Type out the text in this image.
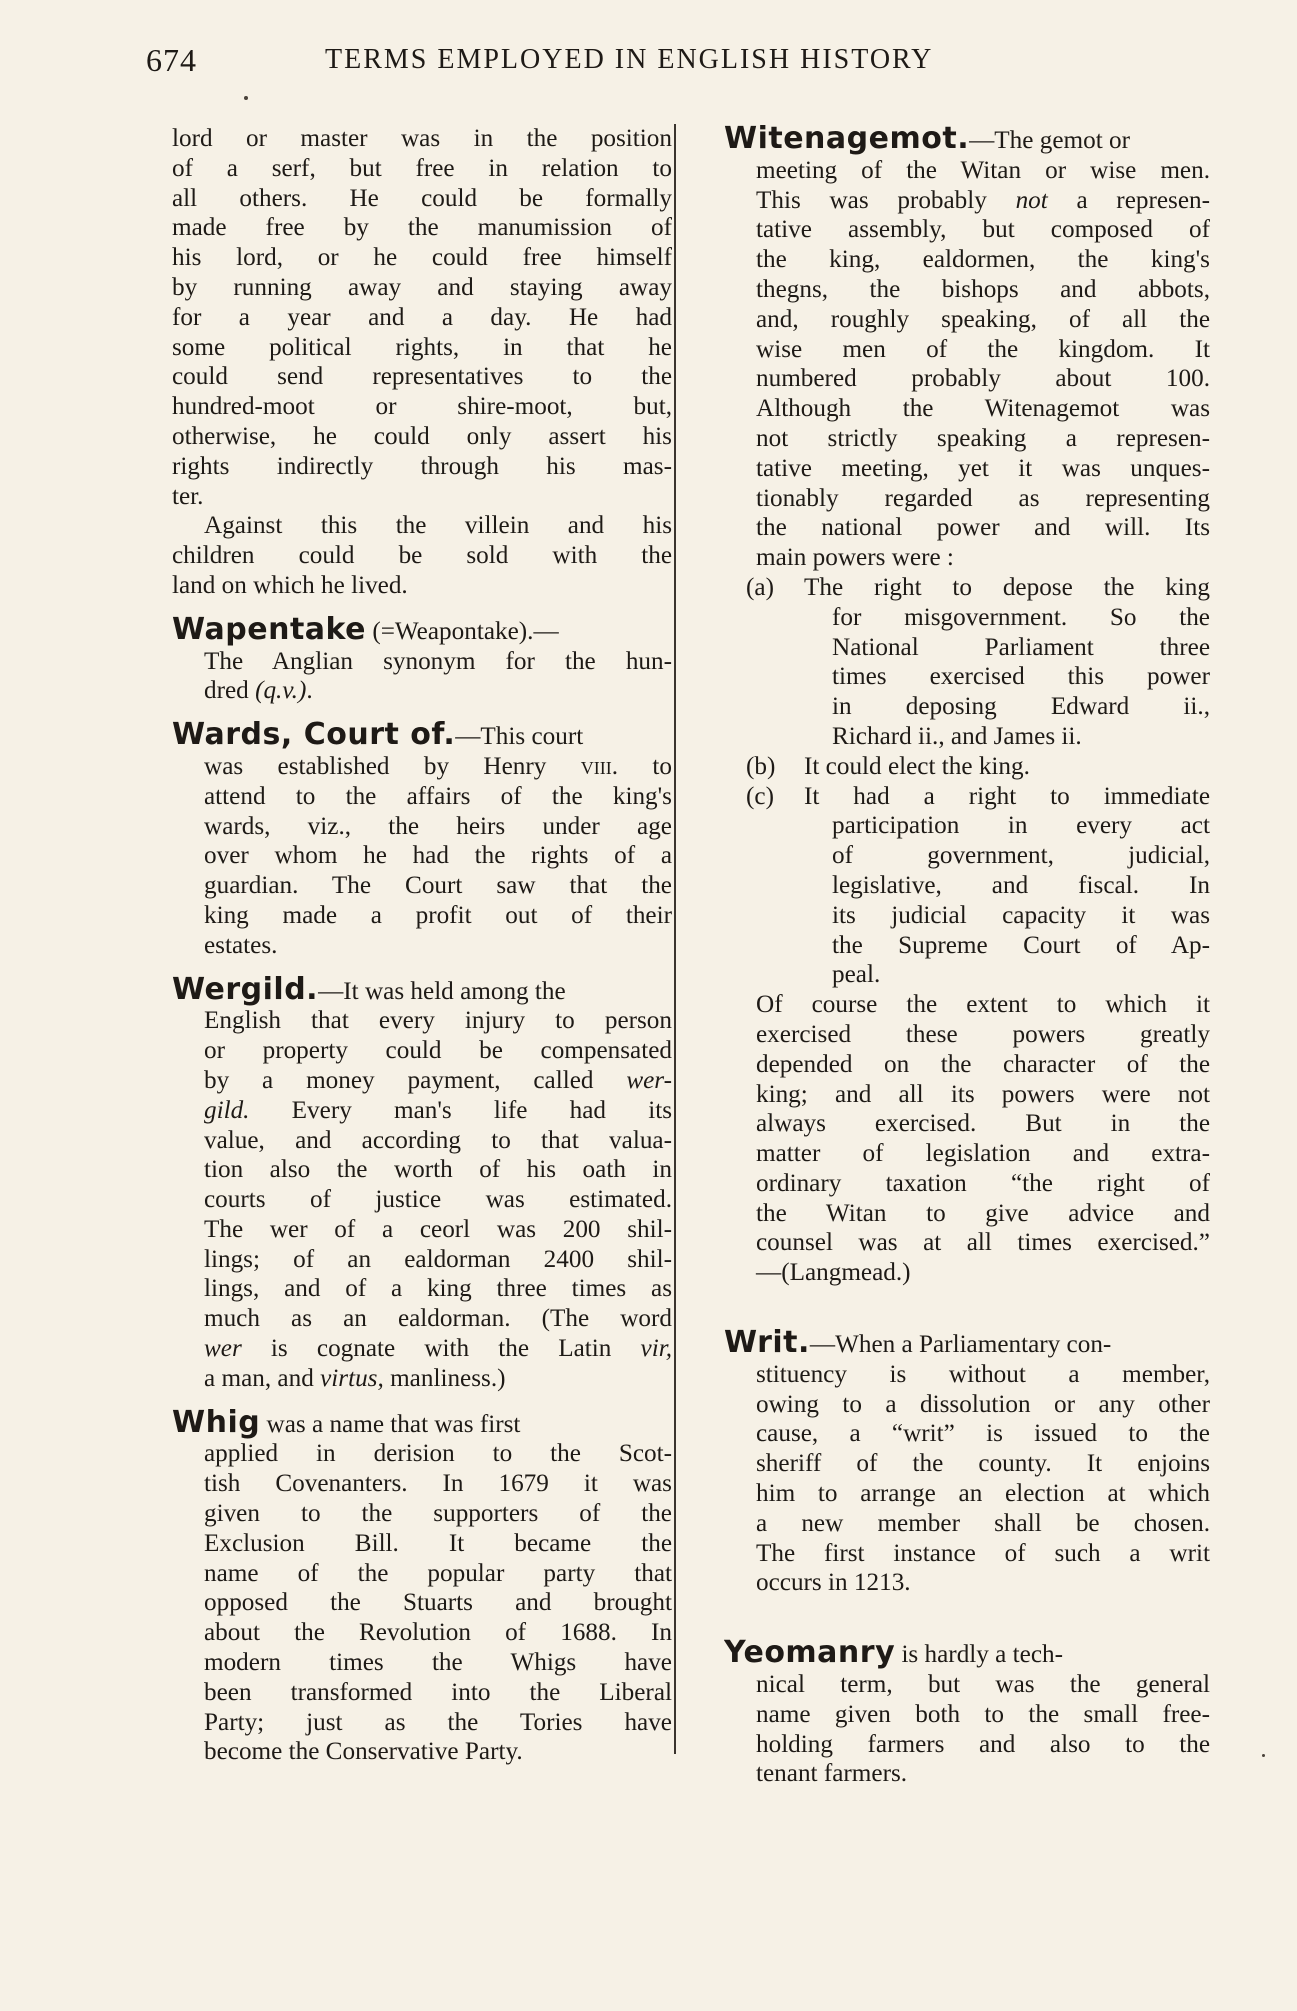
674	TERMS EMPLOYED IN ENGLISH HISTORY
lord or master was in the position
of a serf, but free in relation to
all others. He could be formally
made free by the manumission of
his lord, or he could free himself
by running away and staying away
for a year and a day. He had
some political rights, in that he
could send representatives to the
hundred-moot or shire-moot, but,
otherwise, he could only assert his
rights indirectly through his mas-
ter.
Against this the villein and his
children could be sold with the
land on which he lived.
Wapentake (=Weapontake).—
The Anglian synonym for the hun-
dred (q.v.).
Wards, Court of.—This court
was established by Henry viii. to
attend to the affairs of the king's
wards, viz., the heirs under age
over whom he had the rights of a
guardian. The Court saw that the
king made a profit out of their
estates.
Wergild.—It was held among the
English that every injury to person
or property could be compensated
by a money payment, called wer-
gild. Every man's life had its
value, and according to that valua-
tion also the worth of his oath in
courts of justice was estimated.
The wer of a ceorl was 200 shil-
lings; of an ealdorman 2400 shil-
lings, and of a king three times as
much as an ealdorman. (The word
wer is cognate with the Latin vir,
a man, and virtus, manliness.)
Whig was a name that was first
applied in derision to the Scot-
tish Covenanters. In 1679 it was
given to the supporters of the
Exclusion Bill. It became the
name of the popular party that
opposed the Stuarts and brought
about the Revolution of 1688. In
modern times the Whigs have
been transformed into the Liberal
Party; just as the Tories have
become the Conservative Party.
Witenagemot.—The gemot or
meeting of the Witan or wise men.
This was probably not a represen-
tative assembly, but composed of
the king, ealdormen, the king's
thegns, the bishops and abbots,
and, roughly speaking, of all the
wise men of the kingdom. It
numbered probably about 100.
Although the Witenagemot was
not strictly speaking a represen-
tative meeting, yet it was unques-
tionably regarded as representing
the national power and will. Its
main powers were :
(a) The right to depose the king
for misgovernment. So the
National Parliament three
times exercised this power
in deposing Edward ii.,
Richard ii., and James ii.
(b) It could elect the king.
(c) It had a right to immediate
participation in every act
of government, judicial,
legislative, and fiscal. In
its judicial capacity it was
the Supreme Court of Ap-
peal.
Of course the extent to which it
exercised these powers greatly
depended on the character of the
king; and all its powers were not
always exercised. But in the
matter of legislation and extra-
ordinary taxation “the right of
the Witan to give advice and
counsel was at all times exercised.”
—(Langmead.)
Writ.—When a Parliamentary con-
stituency is without a member,
owing to a dissolution or any other
cause, a “writ” is issued to the
sheriff of the county. It enjoins
him to arrange an election at which
a new member shall be chosen.
The first instance of such a writ
occurs in 1213.
Yeomanry is hardly a tech-
nical term, but was the general
name given both to the small free-
holding farmers and also to the
tenant farmers.
